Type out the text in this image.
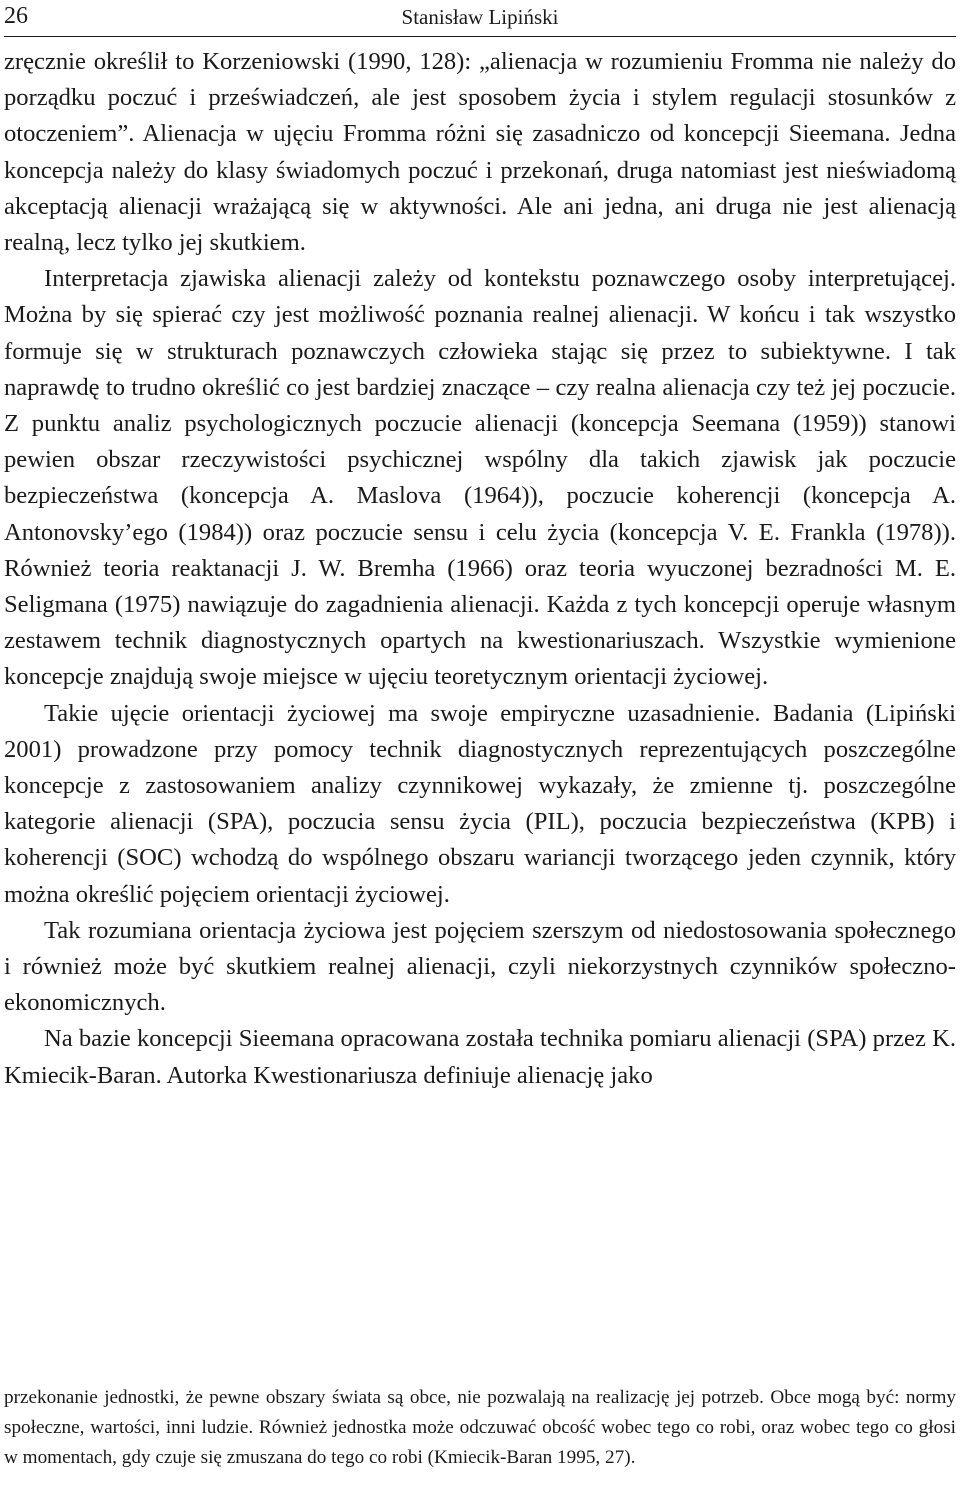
26	Stanisław Lipiński

zręcznie określił to Korzeniowski (1990, 128): „alienacja w rozumieniu Fromma nie należy do porządku poczuć i przeświadczeń, ale jest sposobem życia i stylem regulacji stosunków z otoczeniem”. Alienacja w ujęciu Fromma różni się zasadniczo od koncepcji Sieemana. Jedna koncepcja należy do klasy świadomych poczuć i przekonań, druga natomiast jest nieświadomą akceptacją alienacji wrażającą się w aktywności. Ale ani jedna, ani druga nie jest alienacją realną, lecz tylko jej skutkiem.

Interpretacja zjawiska alienacji zależy od kontekstu poznawczego osoby interpretującej. Można by się spierać czy jest możliwość poznania realnej alienacji. W końcu i tak wszystko formuje się w strukturach poznawczych człowieka stając się przez to subiektywne. I tak naprawdę to trudno określić co jest bardziej znaczące – czy realna alienacja czy też jej poczucie. Z punktu analiz psychologicznych poczucie alienacji (koncepcja Seemana (1959)) stanowi pewien obszar rzeczywistości psychicznej wspólny dla takich zjawisk jak poczucie bezpieczeństwa (koncepcja A. Maslova (1964)), poczucie koherencji (koncepcja A. Antonovsky’ego (1984)) oraz poczucie sensu i celu życia (koncepcja V. E. Frankla (1978)). Również teoria reaktanacji J. W. Bremha (1966) oraz teoria wyuczonej bezradności M. E. Seligmana (1975) nawiązuje do zagadnienia alienacji. Każda z tych koncepcji operuje własnym zestawem technik diagnostycznych opartych na kwestionariuszach. Wszystkie wymienione koncepcje znajdują swoje miejsce w ujęciu teoretycznym orientacji życiowej.

Takie ujęcie orientacji życiowej ma swoje empiryczne uzasadnienie. Badania (Lipiński 2001) prowadzone przy pomocy technik diagnostycznych reprezentujących poszczególne koncepcje z zastosowaniem analizy czynnikowej wykazały, że zmienne tj. poszczególne kategorie alienacji (SPA), poczucia sensu życia (PIL), poczucia bezpieczeństwa (KPB) i koherencji (SOC) wchodzą do wspólnego obszaru wariancji tworzącego jeden czynnik, który można określić pojęciem orientacji życiowej.

Tak rozumiana orientacja życiowa jest pojęciem szerszym od niedostosowania społecznego i również może być skutkiem realnej alienacji, czyli niekorzystnych czynników społeczno-ekonomicznych.

Na bazie koncepcji Sieemana opracowana została technika pomiaru alienacji (SPA) przez K. Kmiecik-Baran. Autorka Kwestionariusza definiuje alienację jako

przekonanie jednostki, że pewne obszary świata są obce, nie pozwalają na realizację jej potrzeb. Obce mogą być: normy społeczne, wartości, inni ludzie. Również jednostka może odczuwać obcość wobec tego co robi, oraz wobec tego co głosi w momentach, gdy czuje się zmuszana do tego co robi (Kmiecik-Baran 1995, 27).
